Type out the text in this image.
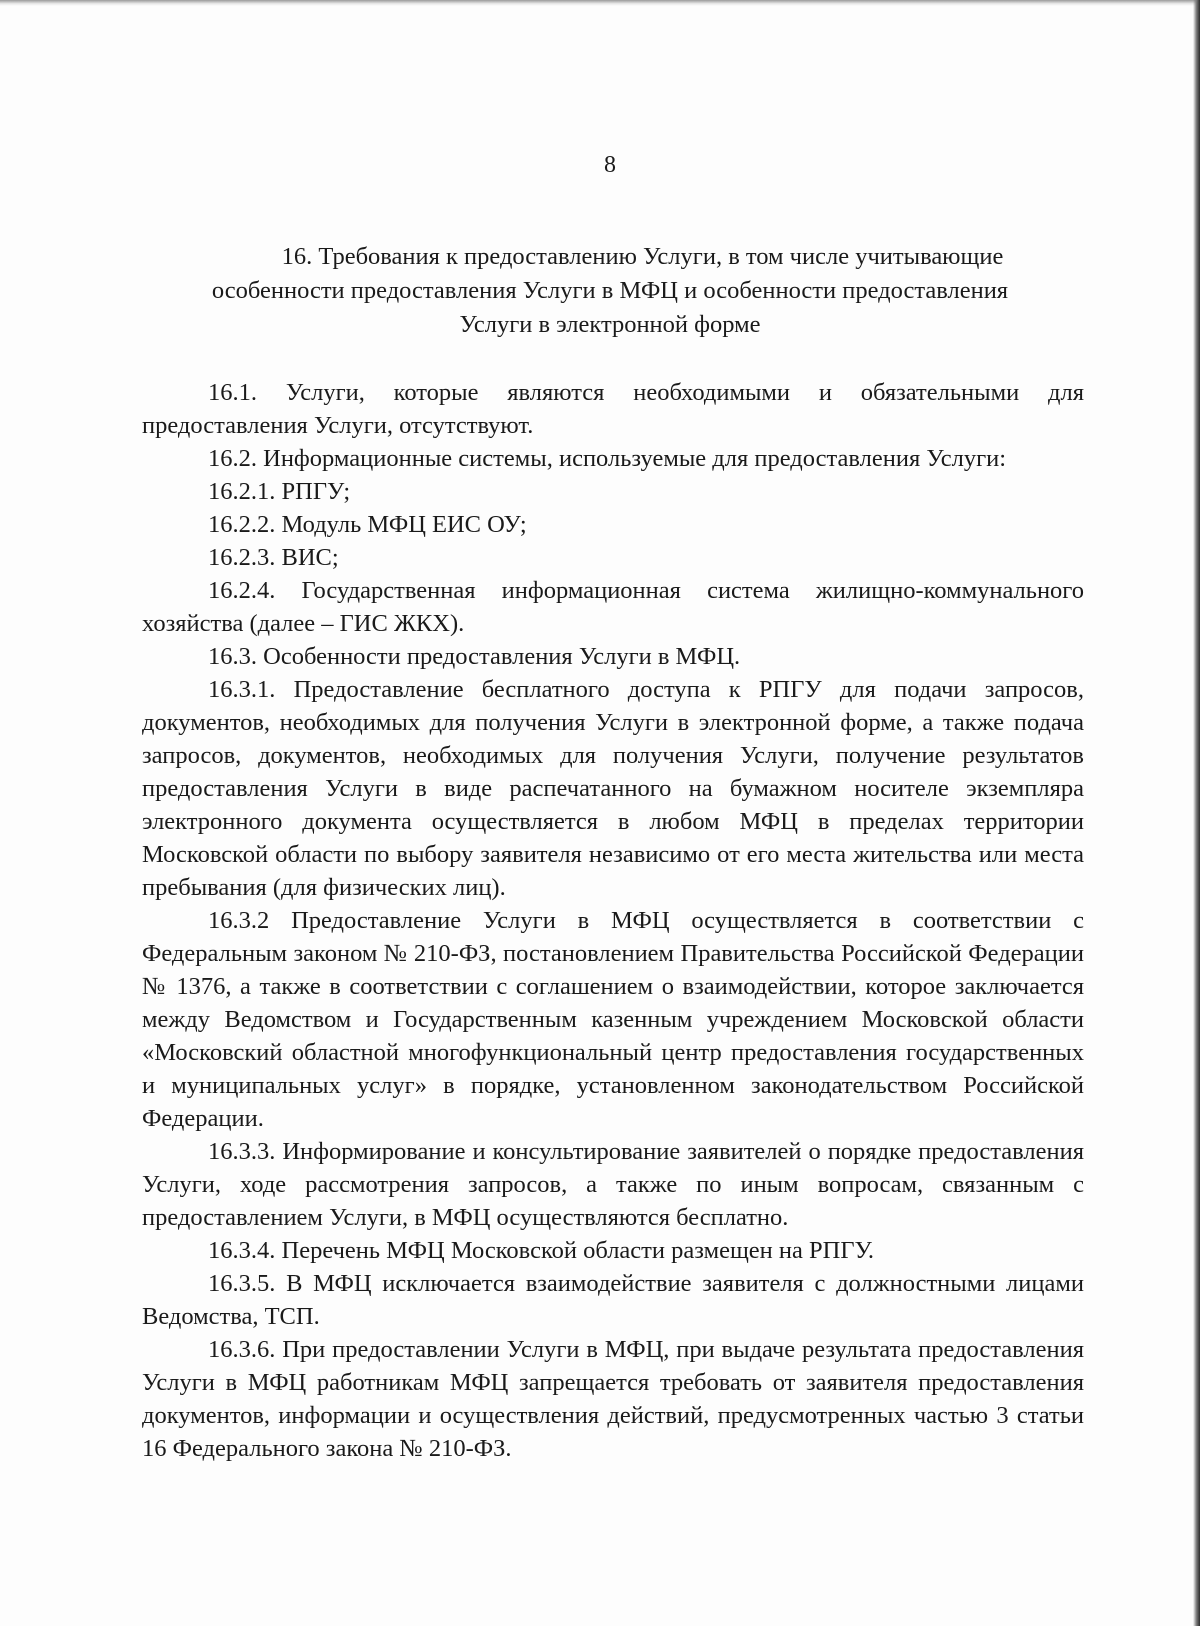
8
16. Требования к предоставлению Услуги, в том числе учитывающие
особенности предоставления Услуги в МФЦ и особенности предоставления
Услуги в электронной форме

16.1. Услуги, которые являются необходимыми и обязательными для предоставления Услуги, отсутствуют.

16.2. Информационные системы, используемые для предоставления Услуги:

16.2.1. РПГУ;

16.2.2. Модуль МФЦ ЕИС ОУ;

16.2.3. ВИС;

16.2.4. Государственная информационная система жилищно-коммунального хозяйства (далее – ГИС ЖКХ).

16.3. Особенности предоставления Услуги в МФЦ.

16.3.1. Предоставление бесплатного доступа к РПГУ для подачи запросов, документов, необходимых для получения Услуги в электронной форме, а также подача запросов, документов, необходимых для получения Услуги, получение результатов предоставления Услуги в виде распечатанного на бумажном носителе экземпляра электронного документа осуществляется в любом МФЦ в пределах территории Московской области по выбору заявителя независимо от его места жительства или места пребывания (для физических лиц).

16.3.2 Предоставление Услуги в МФЦ осуществляется в соответствии с Федеральным законом № 210-ФЗ, постановлением Правительства Российской Федерации № 1376, а также в соответствии с соглашением о взаимодействии, которое заключается между Ведомством и Государственным казенным учреждением Московской области «Московский областной многофункциональный центр предоставления государственных и муниципальных услуг» в порядке, установленном законодательством Российской Федерации.

16.3.3. Информирование и консультирование заявителей о порядке предоставления Услуги, ходе рассмотрения запросов, а также по иным вопросам, связанным с предоставлением Услуги, в МФЦ осуществляются бесплатно.

16.3.4. Перечень МФЦ Московской области размещен на РПГУ.

16.3.5. В МФЦ исключается взаимодействие заявителя с должностными лицами Ведомства, ТСП.

16.3.6. При предоставлении Услуги в МФЦ, при выдаче результата предоставления Услуги в МФЦ работникам МФЦ запрещается требовать от заявителя предоставления документов, информации и осуществления действий, предусмотренных частью 3 статьи 16 Федерального закона № 210-ФЗ.
